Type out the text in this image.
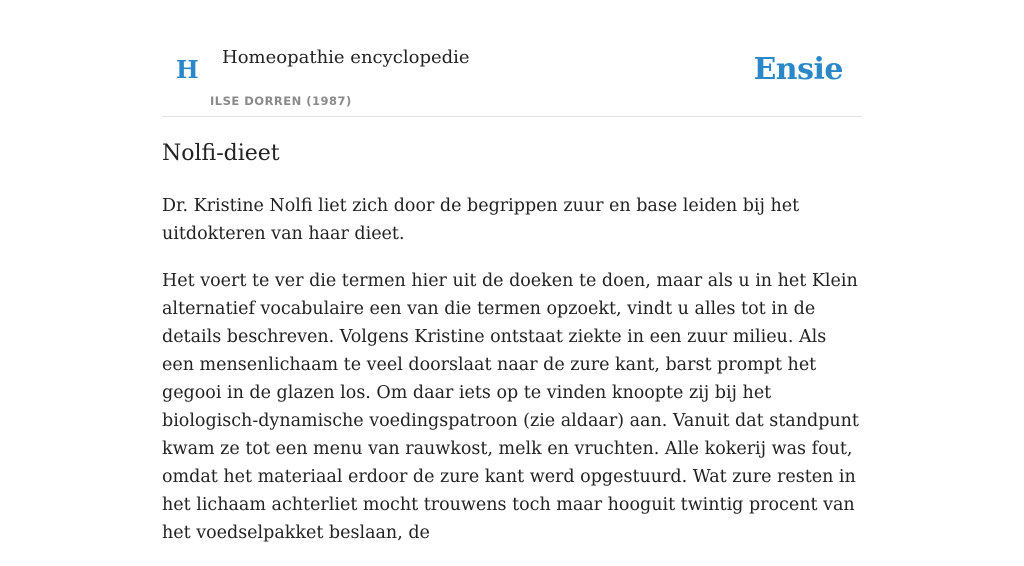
H Homeopathie encyclopedie
ILSE DORREN (1987)
Ensie
Nolfi-dieet

Dr. Kristine Nolfi liet zich door de begrippen zuur en base leiden bij het uitdokteren van haar dieet.

Het voert te ver die termen hier uit de doeken te doen, maar als u in het Klein alternatief vocabulaire een van die termen opzoekt, vindt u alles tot in de details beschreven. Volgens Kristine ontstaat ziekte in een zuur milieu. Als een mensenlichaam te veel doorslaat naar de zure kant, barst prompt het gegooi in de glazen los. Om daar iets op te vinden knoopte zij bij het biologisch-dynamische voedingspatroon (zie aldaar) aan. Vanuit dat standpunt kwam ze tot een menu van rauwkost, melk en vruchten. Alle kokerij was fout, omdat het materiaal erdoor de zure kant werd opgestuurd. Wat zure resten in het lichaam achterliet mocht trouwens toch maar hooguit twintig procent van het voedselpakket beslaan, de
